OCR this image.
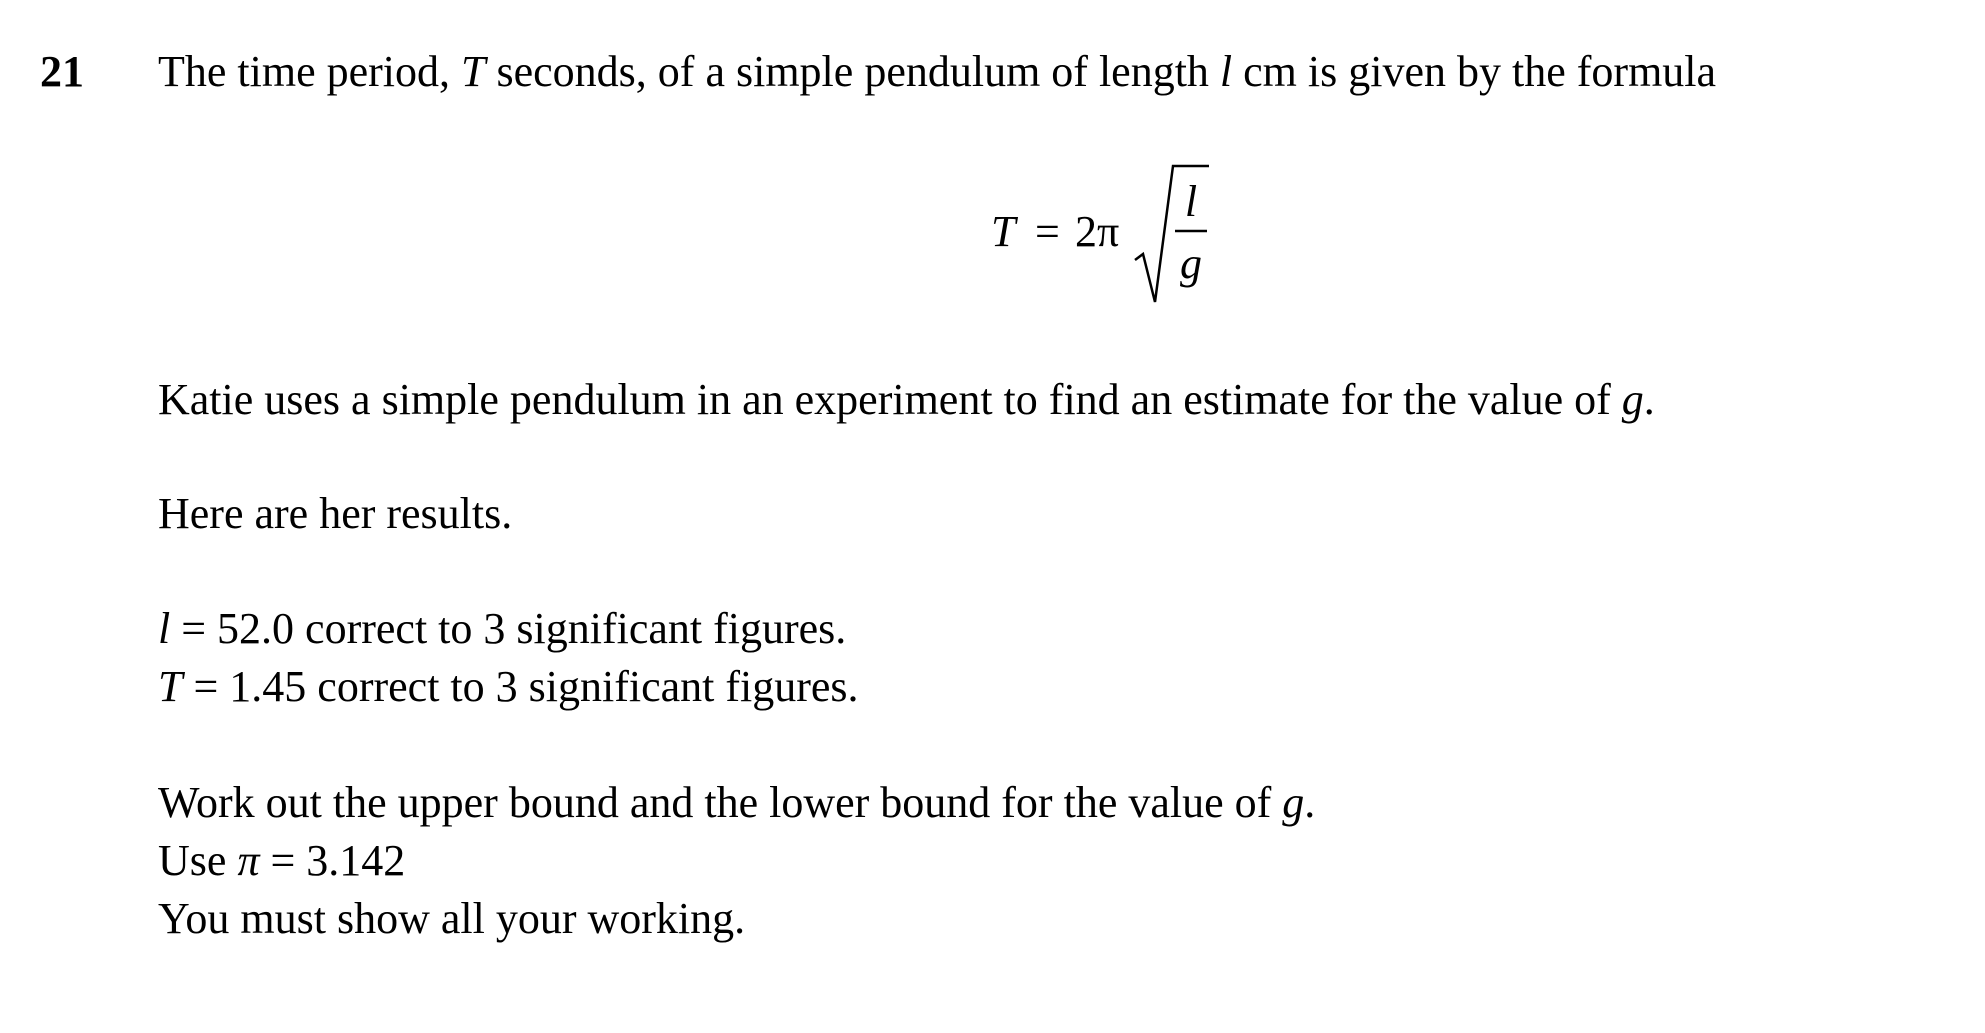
21 The time period, T seconds, of a simple pendulum of length l cm is given by the formula
T = 2π
l
g
Katie uses a simple pendulum in an experiment to find an estimate for the value of g.
Here are her results.
l = 52.0 correct to 3 significant figures.
T = 1.45 correct to 3 significant figures.
Work out the upper bound and the lower bound for the value of g.
Use π = 3.142
You must show all your working.
